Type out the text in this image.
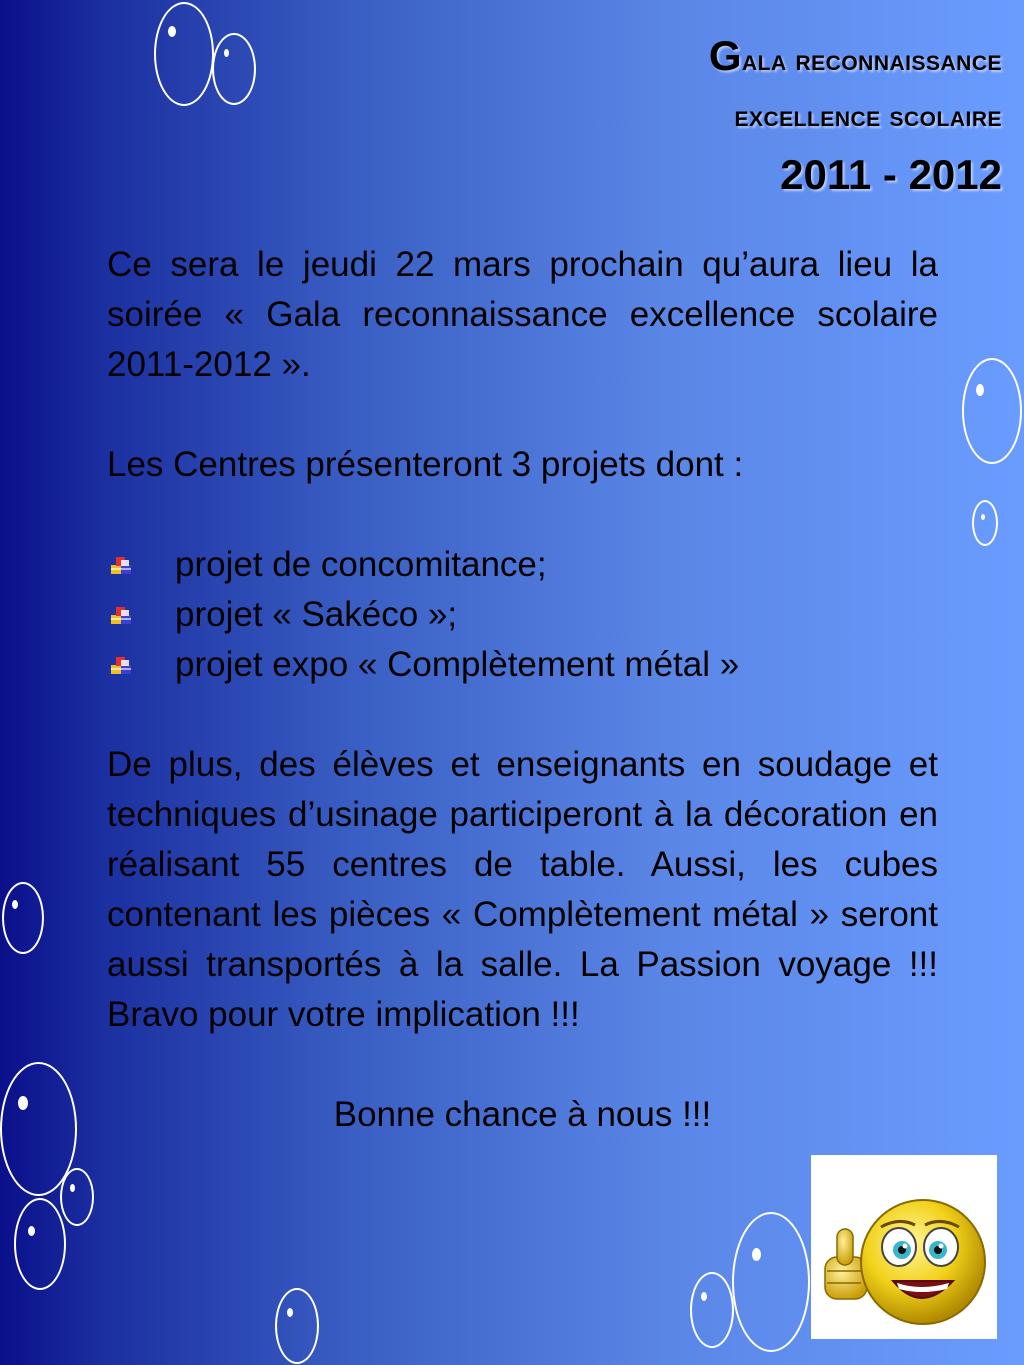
Gala reconnaissance
excellence scolaire
2011 - 2012

Ce sera le jeudi 22 mars prochain qu’aura lieu la soirée « Gala reconnaissance excellence scolaire 2011-2012 ».

Les Centres présenteront 3 projets dont :

projet de concomitance;
projet « Sakéco »;
projet expo « Complètement métal »

De plus, des élèves et enseignants en soudage et techniques d’usinage participeront à la décoration en réalisant 55 centres de table. Aussi, les cubes contenant les pièces « Complètement métal » seront aussi transportés à la salle. La Passion voyage !!! Bravo pour votre implication !!!

Bonne chance à nous !!!
